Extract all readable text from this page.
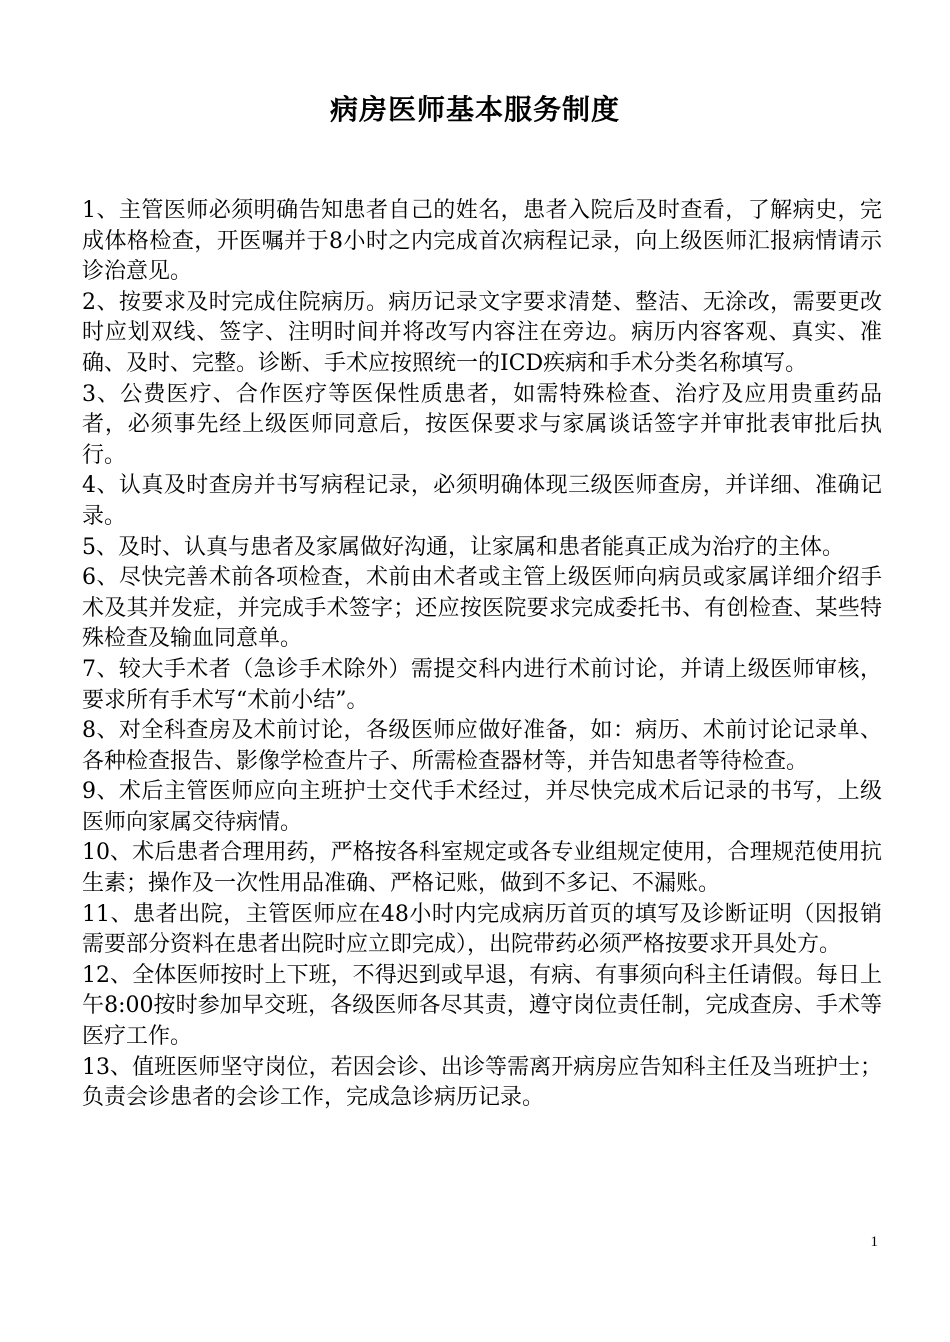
病房医师基本服务制度
1、主管医师必须明确告知患者自己的姓名，患者入院后及时查看，了解病史，完成体格检查，开医嘱并于8小时之内完成首次病程记录，向上级医师汇报病情请示诊治意见。
2、按要求及时完成住院病历。病历记录文字要求清楚、整洁、无涂改，需要更改时应划双线、签字、注明时间并将改写内容注在旁边。病历内容客观、真实、准确、及时、完整。诊断、手术应按照统一的ICD疾病和手术分类名称填写。
3、公费医疗、合作医疗等医保性质患者，如需特殊检查、治疗及应用贵重药品者，必须事先经上级医师同意后，按医保要求与家属谈话签字并审批表审批后执行。
4、认真及时查房并书写病程记录，必须明确体现三级医师查房，并详细、准确记录。
5、及时、认真与患者及家属做好沟通，让家属和患者能真正成为治疗的主体。
6、尽快完善术前各项检查，术前由术者或主管上级医师向病员或家属详细介绍手术及其并发症，并完成手术签字；还应按医院要求完成委托书、有创检查、某些特殊检查及输血同意单。
7、较大手术者（急诊手术除外）需提交科内进行术前讨论，并请上级医师审核，要求所有手术写“术前小结”。
8、对全科查房及术前讨论，各级医师应做好准备，如：病历、术前讨论记录单、各种检查报告、影像学检查片子、所需检查器材等，并告知患者等待检查。
9、术后主管医师应向主班护士交代手术经过，并尽快完成术后记录的书写，上级医师向家属交待病情。
10、术后患者合理用药，严格按各科室规定或各专业组规定使用，合理规范使用抗生素；操作及一次性用品准确、严格记账，做到不多记、不漏账。
11、患者出院，主管医师应在48小时内完成病历首页的填写及诊断证明（因报销需要部分资料在患者出院时应立即完成），出院带药必须严格按要求开具处方。
12、全体医师按时上下班，不得迟到或早退，有病、有事须向科主任请假。每日上午8:00按时参加早交班，各级医师各尽其责，遵守岗位责任制，完成查房、手术等医疗工作。
13、值班医师坚守岗位，若因会诊、出诊等需离开病房应告知科主任及当班护士；负责会诊患者的会诊工作，完成急诊病历记录。
1
